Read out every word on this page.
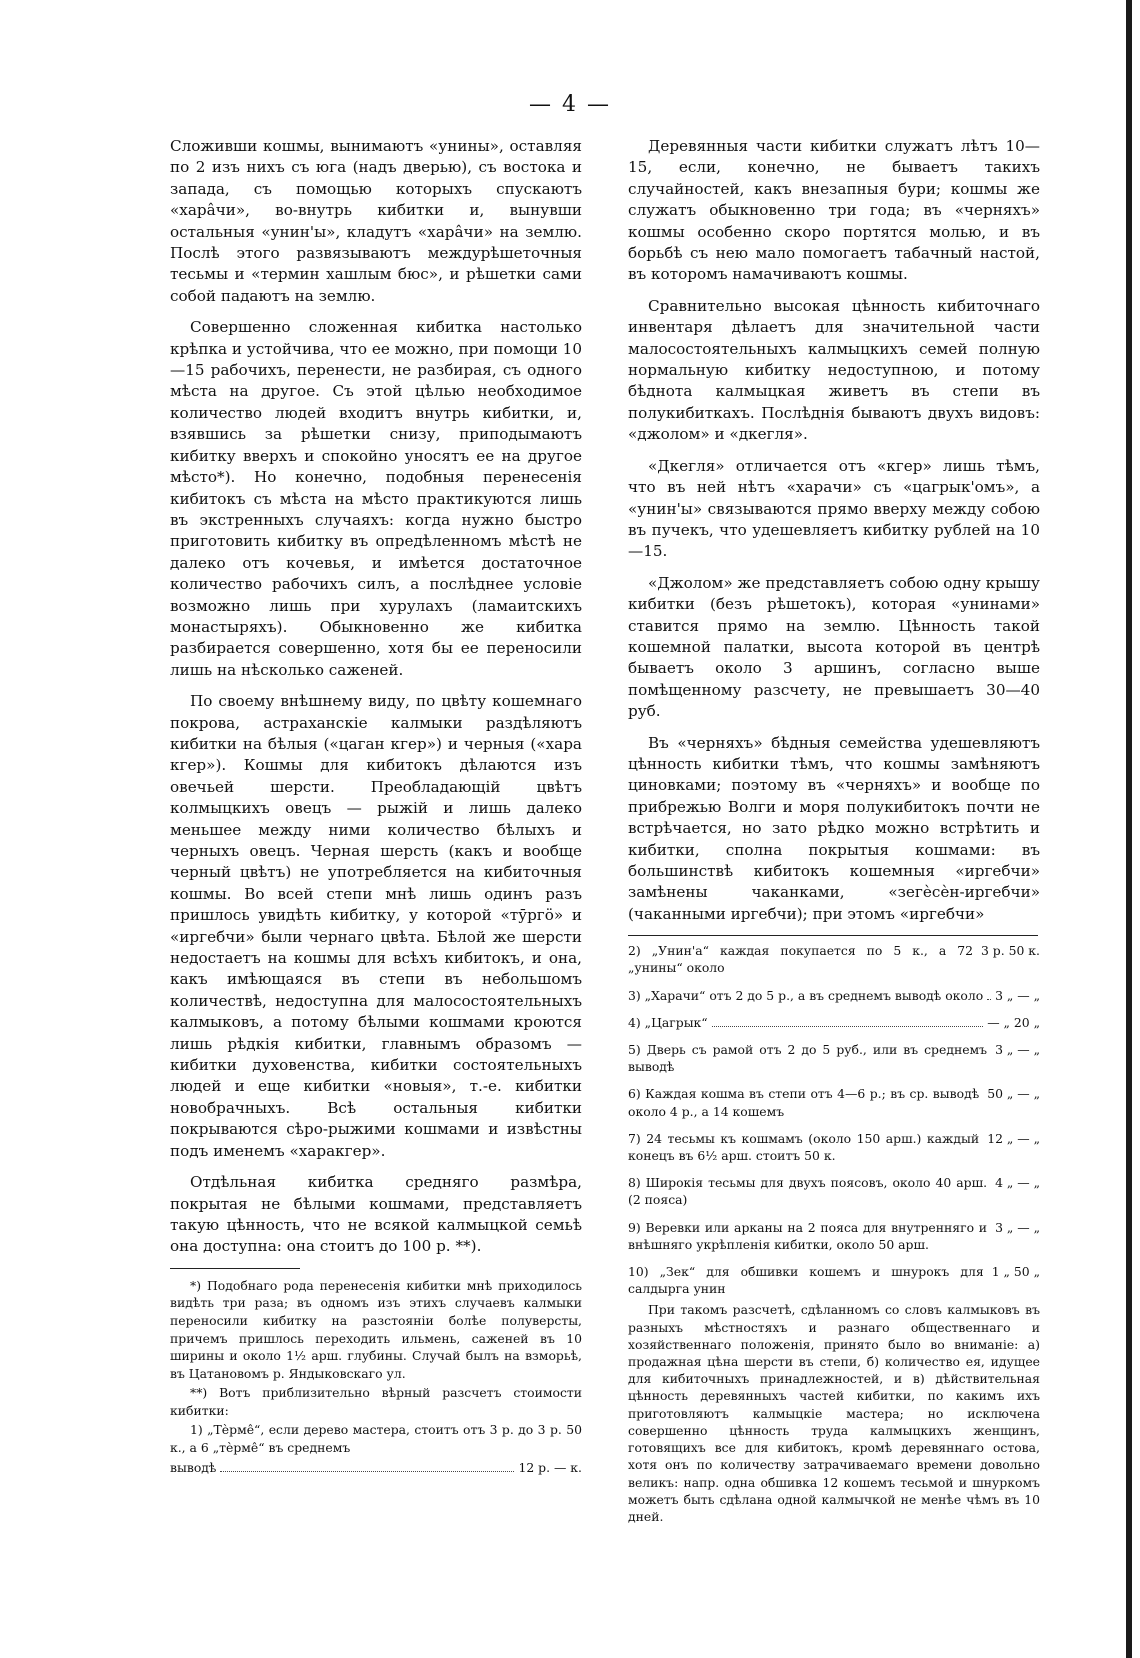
— 4 —

Сложивши кошмы, вынимаютъ «унины», оставляя по 2 изъ нихъ съ юга (надъ дверью), съ востока и запада, съ помощью которыхъ спускаютъ «хара̂чи», во-внутрь кибитки и, вынувши остальныя «унин'ы», кладутъ «хара̂чи» на землю. Послѣ этого развязываютъ междурѣшеточныя тесьмы и «термин хашлым бюс», и рѣшетки сами собой падаютъ на землю.

Совершенно сложенная кибитка настолько крѣпка и устойчива, что ее можно, при помощи 10—15 рабочихъ, перенести, не разбирая, съ одного мѣста на другое. Съ этой цѣлью необходимое количество людей входитъ внутрь кибитки, и, взявшись за рѣшетки снизу, приподымаютъ кибитку вверхъ и спокойно уносятъ ее на другое мѣсто*). Но конечно, подобныя перенесенія кибитокъ съ мѣста на мѣсто практикуются лишь въ экстренныхъ случаяхъ: когда нужно быстро приготовить кибитку въ опредѣленномъ мѣстѣ не далеко отъ кочевья, и имѣется достаточное количество рабочихъ силъ, а послѣднее условіе возможно лишь при хурулахъ (ламаитскихъ монастыряхъ). Обыкновенно же кибитка разбирается совершенно, хотя бы ее переносили лишь на нѣсколько саженей.

По своему внѣшнему виду, по цвѣту кошемнаго покрова, астраханскіе калмыки раздѣляютъ кибитки на бѣлыя («цаган кгер») и черныя («хара кгер»). Кошмы для кибитокъ дѣлаются изъ овечьей шерсти. Преобладающій цвѣтъ колмыцкихъ овецъ — рыжій и лишь далеко меньшее между ними количество бѣлыхъ и черныхъ овецъ. Черная шерсть (какъ и вообще черный цвѣтъ) не употребляется на кибиточныя кошмы. Во всей степи мнѣ лишь одинъ разъ пришлось увидѣть кибитку, у которой «тӯргӧ» и «иргебчи» были чернаго цвѣта. Бѣлой же шерсти недостаетъ на кошмы для всѣхъ кибитокъ, и она, какъ имѣющаяся въ степи въ небольшомъ количествѣ, недоступна для малосостоятельныхъ калмыковъ, а потому бѣлыми кошмами кроются лишь рѣдкія кибитки, главнымъ образомъ — кибитки духовенства, кибитки состоятельныхъ людей и еще кибитки «новыя», т.-е. кибитки новобрачныхъ. Всѣ остальныя кибитки покрываются сѣро-рыжими кошмами и извѣстны подъ именемъ «харакгер».

Отдѣльная кибитка средняго размѣра, покрытая не бѣлыми кошмами, представляетъ такую цѣнность, что не всякой калмыцкой семьѣ она доступна: она стоитъ до 100 р. **).

*) Подобнаго рода перенесенія кибитки мнѣ приходилось видѣть три раза; въ одномъ изъ этихъ случаевъ калмыки переносили кибитку на разстояніи болѣе полуверсты, причемъ пришлось переходить ильмень, саженей въ 10 ширины и около 1½ арш. глубины. Случай былъ на взморьѣ, въ Цатановомъ р. Яндыковскаго ул.

**) Вотъ приблизительно вѣрный разсчетъ стоимости кибитки:

1) „Тѐрме̂“, если дерево мастера, стоитъ отъ 3 р. до 3 р. 50 к., а 6 „тѐрме̂“ въ среднемъ

выводѣ	12 р. — к.

Деревянныя части кибитки служатъ лѣтъ 10—15, если, конечно, не бываетъ такихъ случайностей, какъ внезапныя бури; кошмы же служатъ обыкновенно три года; въ «черняхъ» кошмы особенно скоро портятся молью, и въ борьбѣ съ нею мало помогаетъ табачный настой, въ которомъ намачиваютъ кошмы.

Сравнительно высокая цѣнность кибиточнаго инвентаря дѣлаетъ для значительной части малосостоятельныхъ калмыцкихъ семей полную нормальную кибитку недоступною, и потому бѣднота калмыцкая живетъ въ степи въ полукибиткахъ. Послѣднія бываютъ двухъ видовъ: «джолом» и «дкегля».

«Дкегля» отличается отъ «кгер» лишь тѣмъ, что въ ней нѣтъ «харачи» съ «цагрык'омъ», а «унин'ы» связываются прямо вверху между собою въ пучекъ, что удешевляетъ кибитку рублей на 10—15.

«Джолом» же представляетъ собою одну крышу кибитки (безъ рѣшетокъ), которая «унинами» ставится прямо на землю. Цѣнность такой кошемной палатки, высота которой въ центрѣ бываетъ около 3 аршинъ, согласно выше помѣщенному разсчету, не превышаетъ 30—40 руб.

Въ «черняхъ» бѣдныя семейства удешевляютъ цѣнность кибитки тѣмъ, что кошмы замѣняютъ циновками; поэтому въ «черняхъ» и вообще по прибрежью Волги и моря полукибитокъ почти не встрѣчается, но зато рѣдко можно встрѣтить и кибитки, сполна покрытыя кошмами: въ большинствѣ кибитокъ кошемныя «иргебчи» замѣнены чаканками, «зегѐсѐн-иргебчи» (чаканными иргебчи); при этомъ «иргебчи»

2) „Унин'а“ каждая покупается по 5 к., а 72 „унины“ около
3 р. 50 к.

3) „Харачи“ отъ 2 до 5 р., а въ среднемъ выводѣ около 3 „ — „

4) „Цагрык“	— „ 20 „

5) Дверь съ рамой отъ 2 до 5 руб., или въ среднемъ выводѣ
3 „ — „

6) Каждая кошма въ степи отъ 4—6 р.; въ ср. выводѣ около 4 р., а 14 кошемъ
50 „ — „

7) 24 тесьмы къ кошмамъ (около 150 арш.) каждый конецъ въ 6½ арш. стоитъ 50 к.
12 „ — „

8) Широкія тесьмы для двухъ поясовъ, около 40 арш. (2 пояса)
4 „ — „

9) Веревки или арканы на 2 пояса для внутренняго и внѣшняго укрѣпленія кибитки, около 50 арш.
3 „ — „

10) „Зек“ для обшивки кошемъ и шнурокъ для салдырга унин
1 „ 50 „

При такомъ разсчетѣ, сдѣланномъ со словъ калмыковъ въ разныхъ мѣстностяхъ и разнаго общественнаго и хозяйственнаго положенія, принято было во вниманіе: а) продажная цѣна шерсти въ степи, б) количество ея, идущее для кибиточныхъ принадлежностей, и в) дѣйствительная цѣнность деревянныхъ частей кибитки, по какимъ ихъ приготовляютъ калмыцкіе мастера; но исключена совершенно цѣнность труда калмыцкихъ женщинъ, готовящихъ все для кибитокъ, кромѣ деревяннаго остова, хотя онъ по количеству затрачиваемаго времени довольно великъ: напр. одна обшивка 12 кошемъ тесьмой и шнуркомъ можетъ быть сдѣлана одной калмычкой не менѣе чѣмъ въ 10 дней.
